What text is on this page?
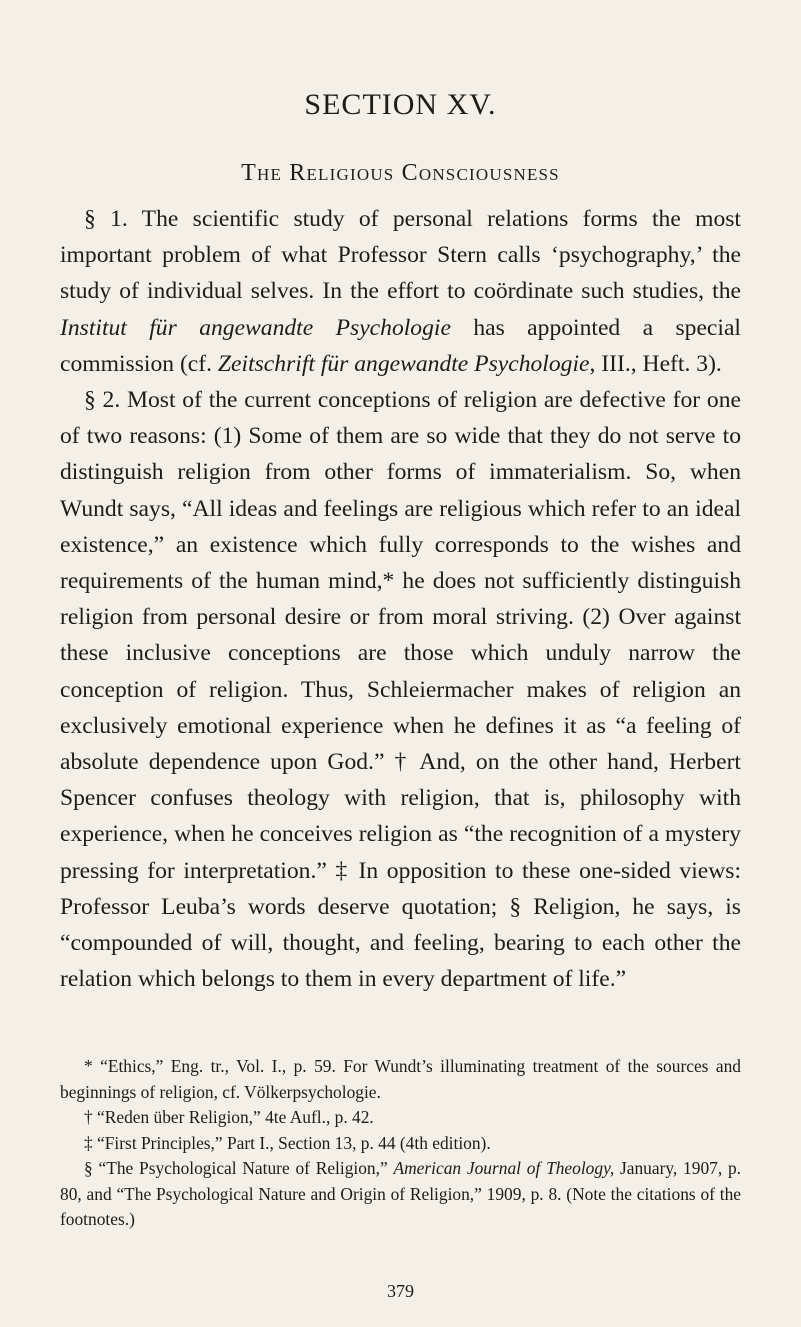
SECTION XV.
The Religious Consciousness

§ 1. The scientific study of personal relations forms the most important problem of what Professor Stern calls ‘psychography,’ the study of individual selves. In the effort to coördinate such studies, the Institut für angewandte Psychologie has appointed a special commission (cf. Zeitschrift für angewandte Psychologie, III., Heft. 3).

§ 2. Most of the current conceptions of religion are defective for one of two reasons: (1) Some of them are so wide that they do not serve to distinguish religion from other forms of immaterialism. So, when Wundt says, “All ideas and feelings are religious which refer to an ideal existence,” an existence which fully corresponds to the wishes and requirements of the human mind,* he does not sufficiently distinguish religion from personal desire or from moral striving. (2) Over against these inclusive conceptions are those which unduly narrow the conception of religion. Thus, Schleiermacher makes of religion an exclusively emotional experience when he defines it as “a feeling of absolute dependence upon God.” † And, on the other hand, Herbert Spencer confuses theology with religion, that is, philosophy with experience, when he conceives religion as “the recognition of a mystery pressing for interpretation.” ‡ In opposition to these one-sided views: Professor Leuba’s words deserve quotation; § Religion, he says, is “compounded of will, thought, and feeling, bearing to each other the relation which belongs to them in every department of life.”

* “Ethics,” Eng. tr., Vol. I., p. 59. For Wundt’s illuminating treatment of the sources and beginnings of religion, cf. Völkerpsychologie.

† “Reden über Religion,” 4te Aufl., p. 42.

‡ “First Principles,” Part I., Section 13, p. 44 (4th edition).

§ “The Psychological Nature of Religion,” American Journal of Theology, January, 1907, p. 80, and “The Psychological Nature and Origin of Religion,” 1909, p. 8. (Note the citations of the footnotes.)

379
